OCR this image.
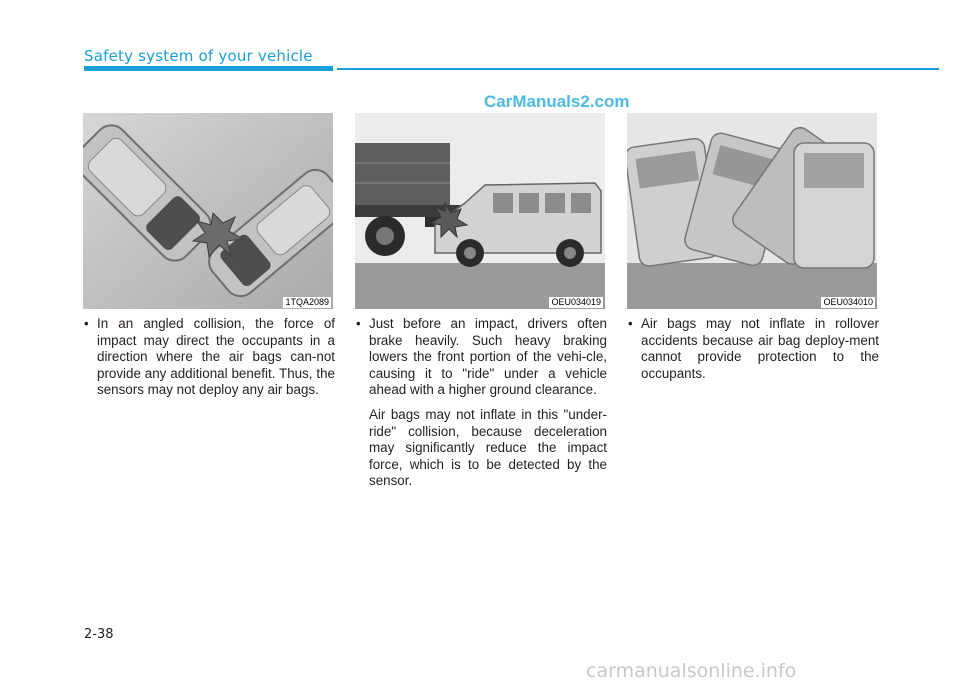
Safety system of your vehicle
CarManuals2.com
1TQA2089	OEU034019	OEU034010

• In an angled collision, the force of impact may direct the occupants in a direction where the air bags can-not provide any additional benefit. Thus, the sensors may not deploy any air bags.

• Just before an impact, drivers often brake heavily. Such heavy braking lowers the front portion of the vehi-cle, causing it to "ride" under a vehicle ahead with a higher ground clearance.

Air bags may not inflate in this "under-ride" collision, because deceleration may significantly reduce the impact force, which is to be detected by the sensor.

• Air bags may not inflate in rollover accidents because air bag deploy-ment cannot provide protection to the occupants.

2-38
carmanualsonline.info
